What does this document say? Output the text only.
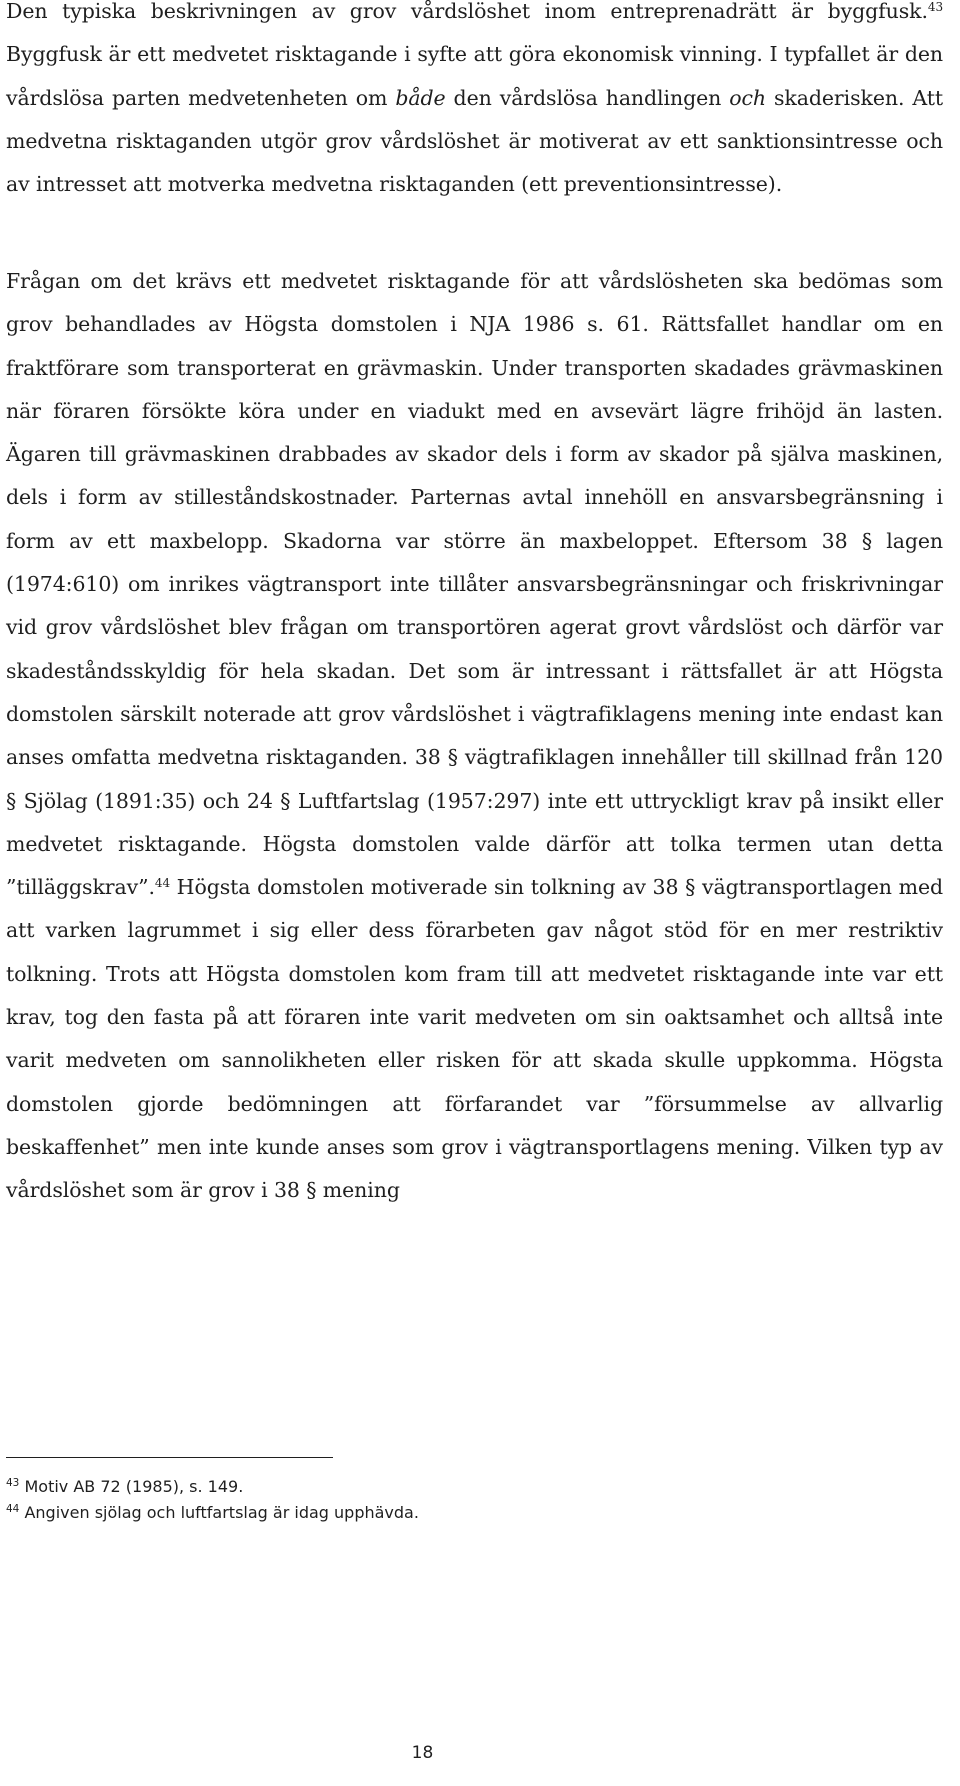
Den typiska beskrivningen av grov vårdslöshet inom entreprenadrätt är byggfusk.$^{43}$ Byggfusk är ett medvetet risktagande i syfte att göra ekonomisk vinning. I typfallet är den vårdslösa parten medvetenheten om både den vårdslösa handlingen och skaderisken. Att medvetna risktaganden utgör grov vårdslöshet är motiverat av ett sanktionsintresse och av intresset att motverka medvetna risktaganden (ett preventionsintresse).
Frågan om det krävs ett medvetet risktagande för att vårdslösheten ska bedömas som grov behandlades av Högsta domstolen i NJA 1986 s. 61. Rättsfallet handlar om en fraktförare som transporterat en grävmaskin. Under transporten skadades grävmaskinen när föraren försökte köra under en viadukt med en avsevärt lägre frihöjd än lasten. Ägaren till grävmaskinen drabbades av skador dels i form av skador på själva maskinen, dels i form av stilleståndskostnader. Parternas avtal innehöll en ansvarsbegränsning i form av ett maxbelopp. Skadorna var större än maxbeloppet. Eftersom 38 § lagen (1974:610) om inrikes vägtransport inte tillåter ansvarsbegränsningar och friskrivningar vid grov vårdslöshet blev frågan om transportören agerat grovt vårdslöst och därför var skadeståndsskyldig för hela skadan. Det som är intressant i rättsfallet är att Högsta domstolen särskilt noterade att grov vårdslöshet i vägtrafiklagens mening inte endast kan anses omfatta medvetna risktaganden. 38 § vägtrafiklagen innehåller till skillnad från 120 § Sjölag (1891:35) och 24 § Luftfartslag (1957:297) inte ett uttryckligt krav på insikt eller medvetet risktagande. Högsta domstolen valde därför att tolka termen utan detta ”tilläggskrav”.$^{44}$ Högsta domstolen motiverade sin tolkning av 38 § vägtransportlagen med att varken lagrummet i sig eller dess förarbeten gav något stöd för en mer restriktiv tolkning. Trots att Högsta domstolen kom fram till att medvetet risktagande inte var ett krav, tog den fasta på att föraren inte varit medveten om sin oaktsamhet och alltså inte varit medveten om sannolikheten eller risken för att skada skulle uppkomma. Högsta domstolen gjorde bedömningen att förfarandet var ”försummelse av allvarlig beskaffenhet” men inte kunde anses som grov i vägtransportlagens mening. Vilken typ av vårdslöshet som är grov i 38 § mening
$^{43}$ Motiv AB 72 (1985), s. 149.
$^{44}$ Angiven sjölag och luftfartslag är idag upphävda.
18
